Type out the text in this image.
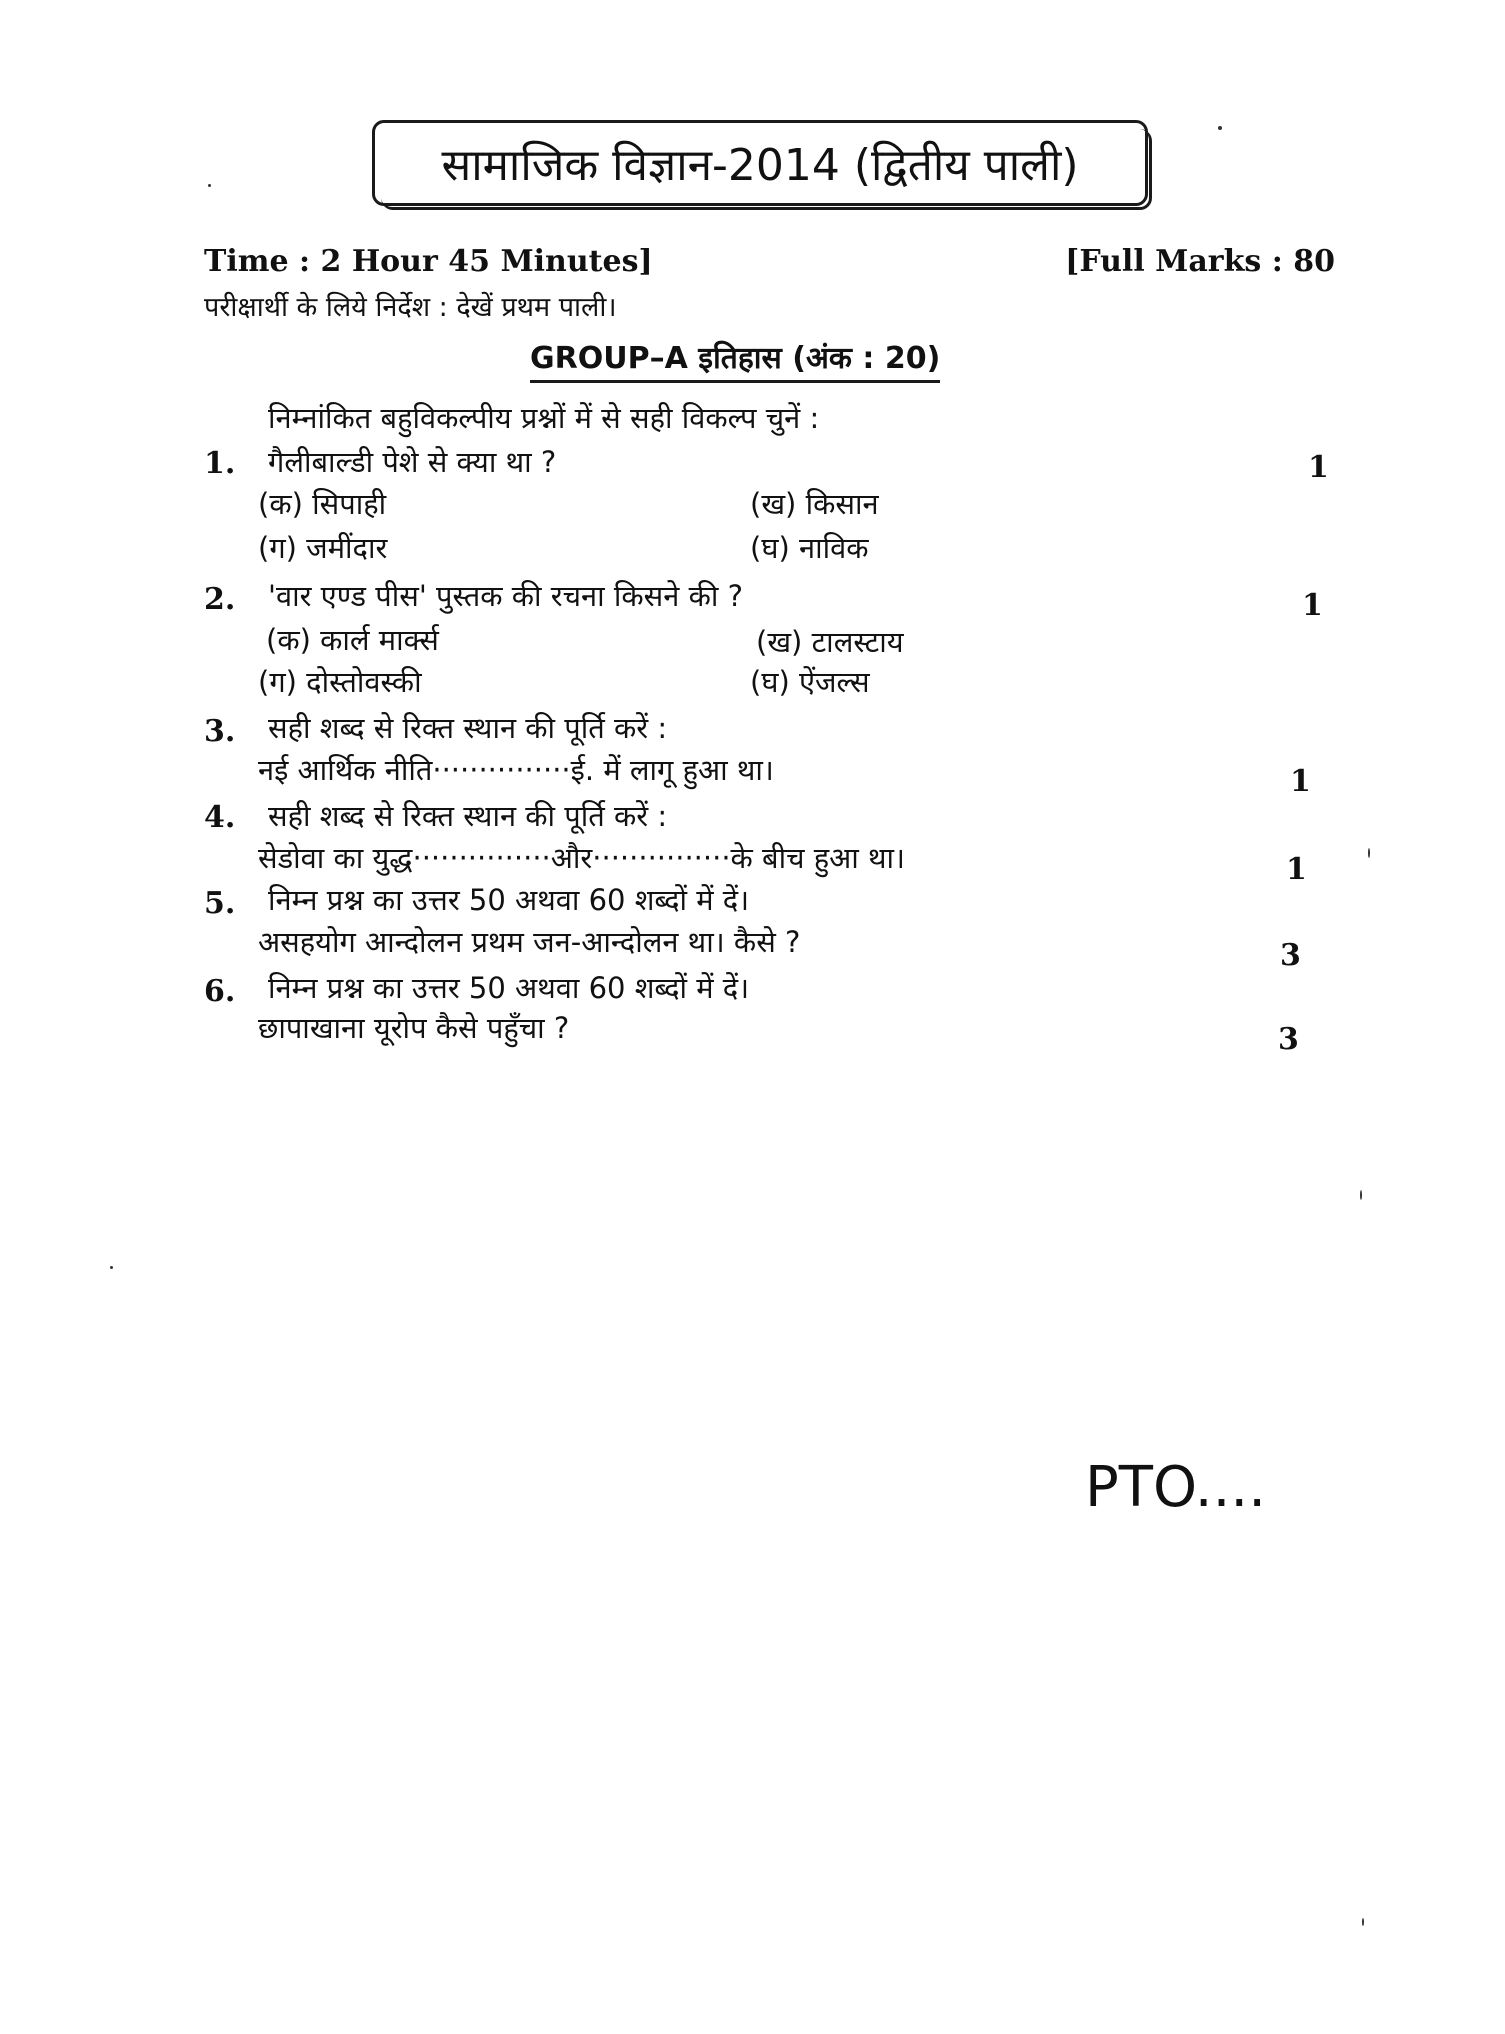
सामाजिक विज्ञान-2014 (द्वितीय पाली)
Time : 2 Hour 45 Minutes]	[Full Marks : 80
परीक्षार्थी के लिये निर्देश : देखें प्रथम पाली।
GROUP–A इतिहास (अंक : 20)
निम्नांकित बहुविकल्पीय प्रश्नों में से सही विकल्प चुनें :
1. गैलीबाल्डी पेशे से क्या था ?	1
(क) सिपाही	(ख) किसान
(ग) जमींदार	(घ) नाविक
2. 'वार एण्ड पीस' पुस्तक की रचना किसने की ?	1
(क) कार्ल मार्क्स	(ख) टालस्टाय
(ग) दोस्तोवस्की	(घ) ऐंजल्स
3. सही शब्द से रिक्त स्थान की पूर्ति करें :
नई आर्थिक नीति···············ई. में लागू हुआ था।	1
4. सही शब्द से रिक्त स्थान की पूर्ति करें :
सेडोवा का युद्ध···············और···············के बीच हुआ था।	1
5. निम्न प्रश्न का उत्तर 50 अथवा 60 शब्दों में दें।
असहयोग आन्दोलन प्रथम जन-आन्दोलन था। कैसे ?	3
6. निम्न प्रश्न का उत्तर 50 अथवा 60 शब्दों में दें।
छापाखाना यूरोप कैसे पहुँचा ?	3
PTO....
